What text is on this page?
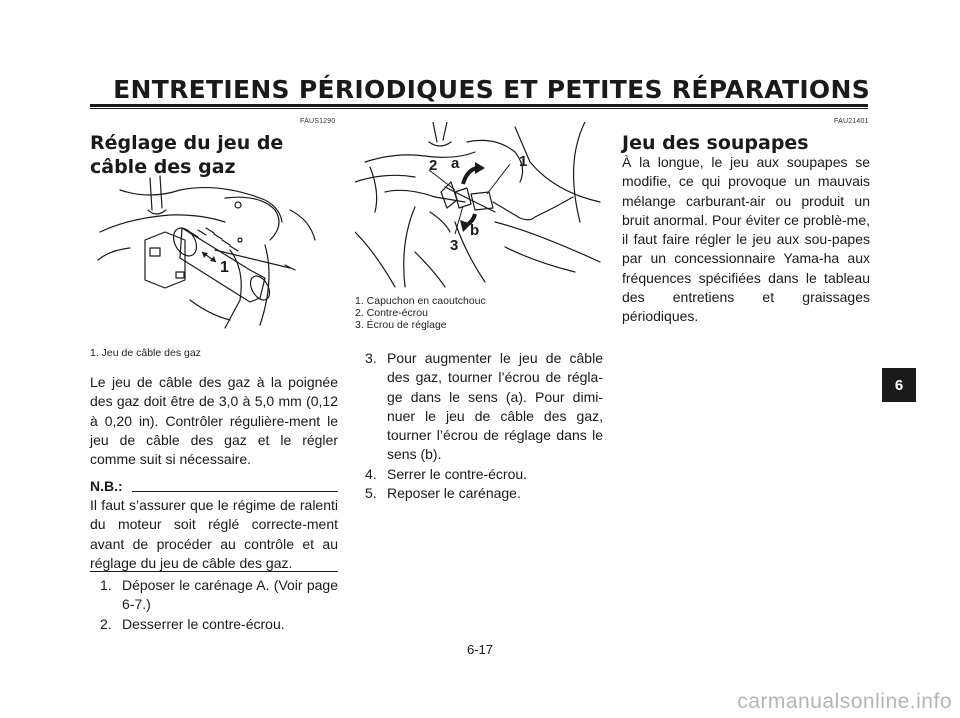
ENTRETIENS PÉRIODIQUES ET PETITES RÉPARATIONS
FAUS1290
Réglage du jeu de câble des gaz
1
1. Jeu de câble des gaz

Le jeu de câble des gaz à la poignée des gaz doit être de 3,0 à 5,0 mm (0,12 à 0,20 in). Contrôler régulière-ment le jeu de câble des gaz et le régler comme suit si nécessaire.

N.B.:

Il faut s’assurer que le régime de ralenti du moteur soit réglé correcte-ment avant de procéder au contrôle et au réglage du jeu de câble des gaz.

1. Déposer le carénage A. (Voir page 6-7.)
2. Desserrer le contre-écrou.
2 a	1
b
3
1. Capuchon en caoutchouc
2. Contre-écrou
3. Écrou de réglage
3. Pour augmenter le jeu de câble des gaz, tourner l’écrou de régla-ge dans le sens (a). Pour dimi-nuer le jeu de câble des gaz, tourner l’écrou de réglage dans le sens (b).
4. Serrer le contre-écrou.
5. Reposer le carénage.
FAU21401
Jeu des soupapes

À la longue, le jeu aux soupapes se modifie, ce qui provoque un mauvais mélange carburant-air ou produit un bruit anormal. Pour éviter ce problè-me, il faut faire régler le jeu aux sou-papes par un concessionnaire Yama-ha aux fréquences spécifiées dans le tableau des entretiens et graissages périodiques.

6
6-17
carmanualsonline.info
